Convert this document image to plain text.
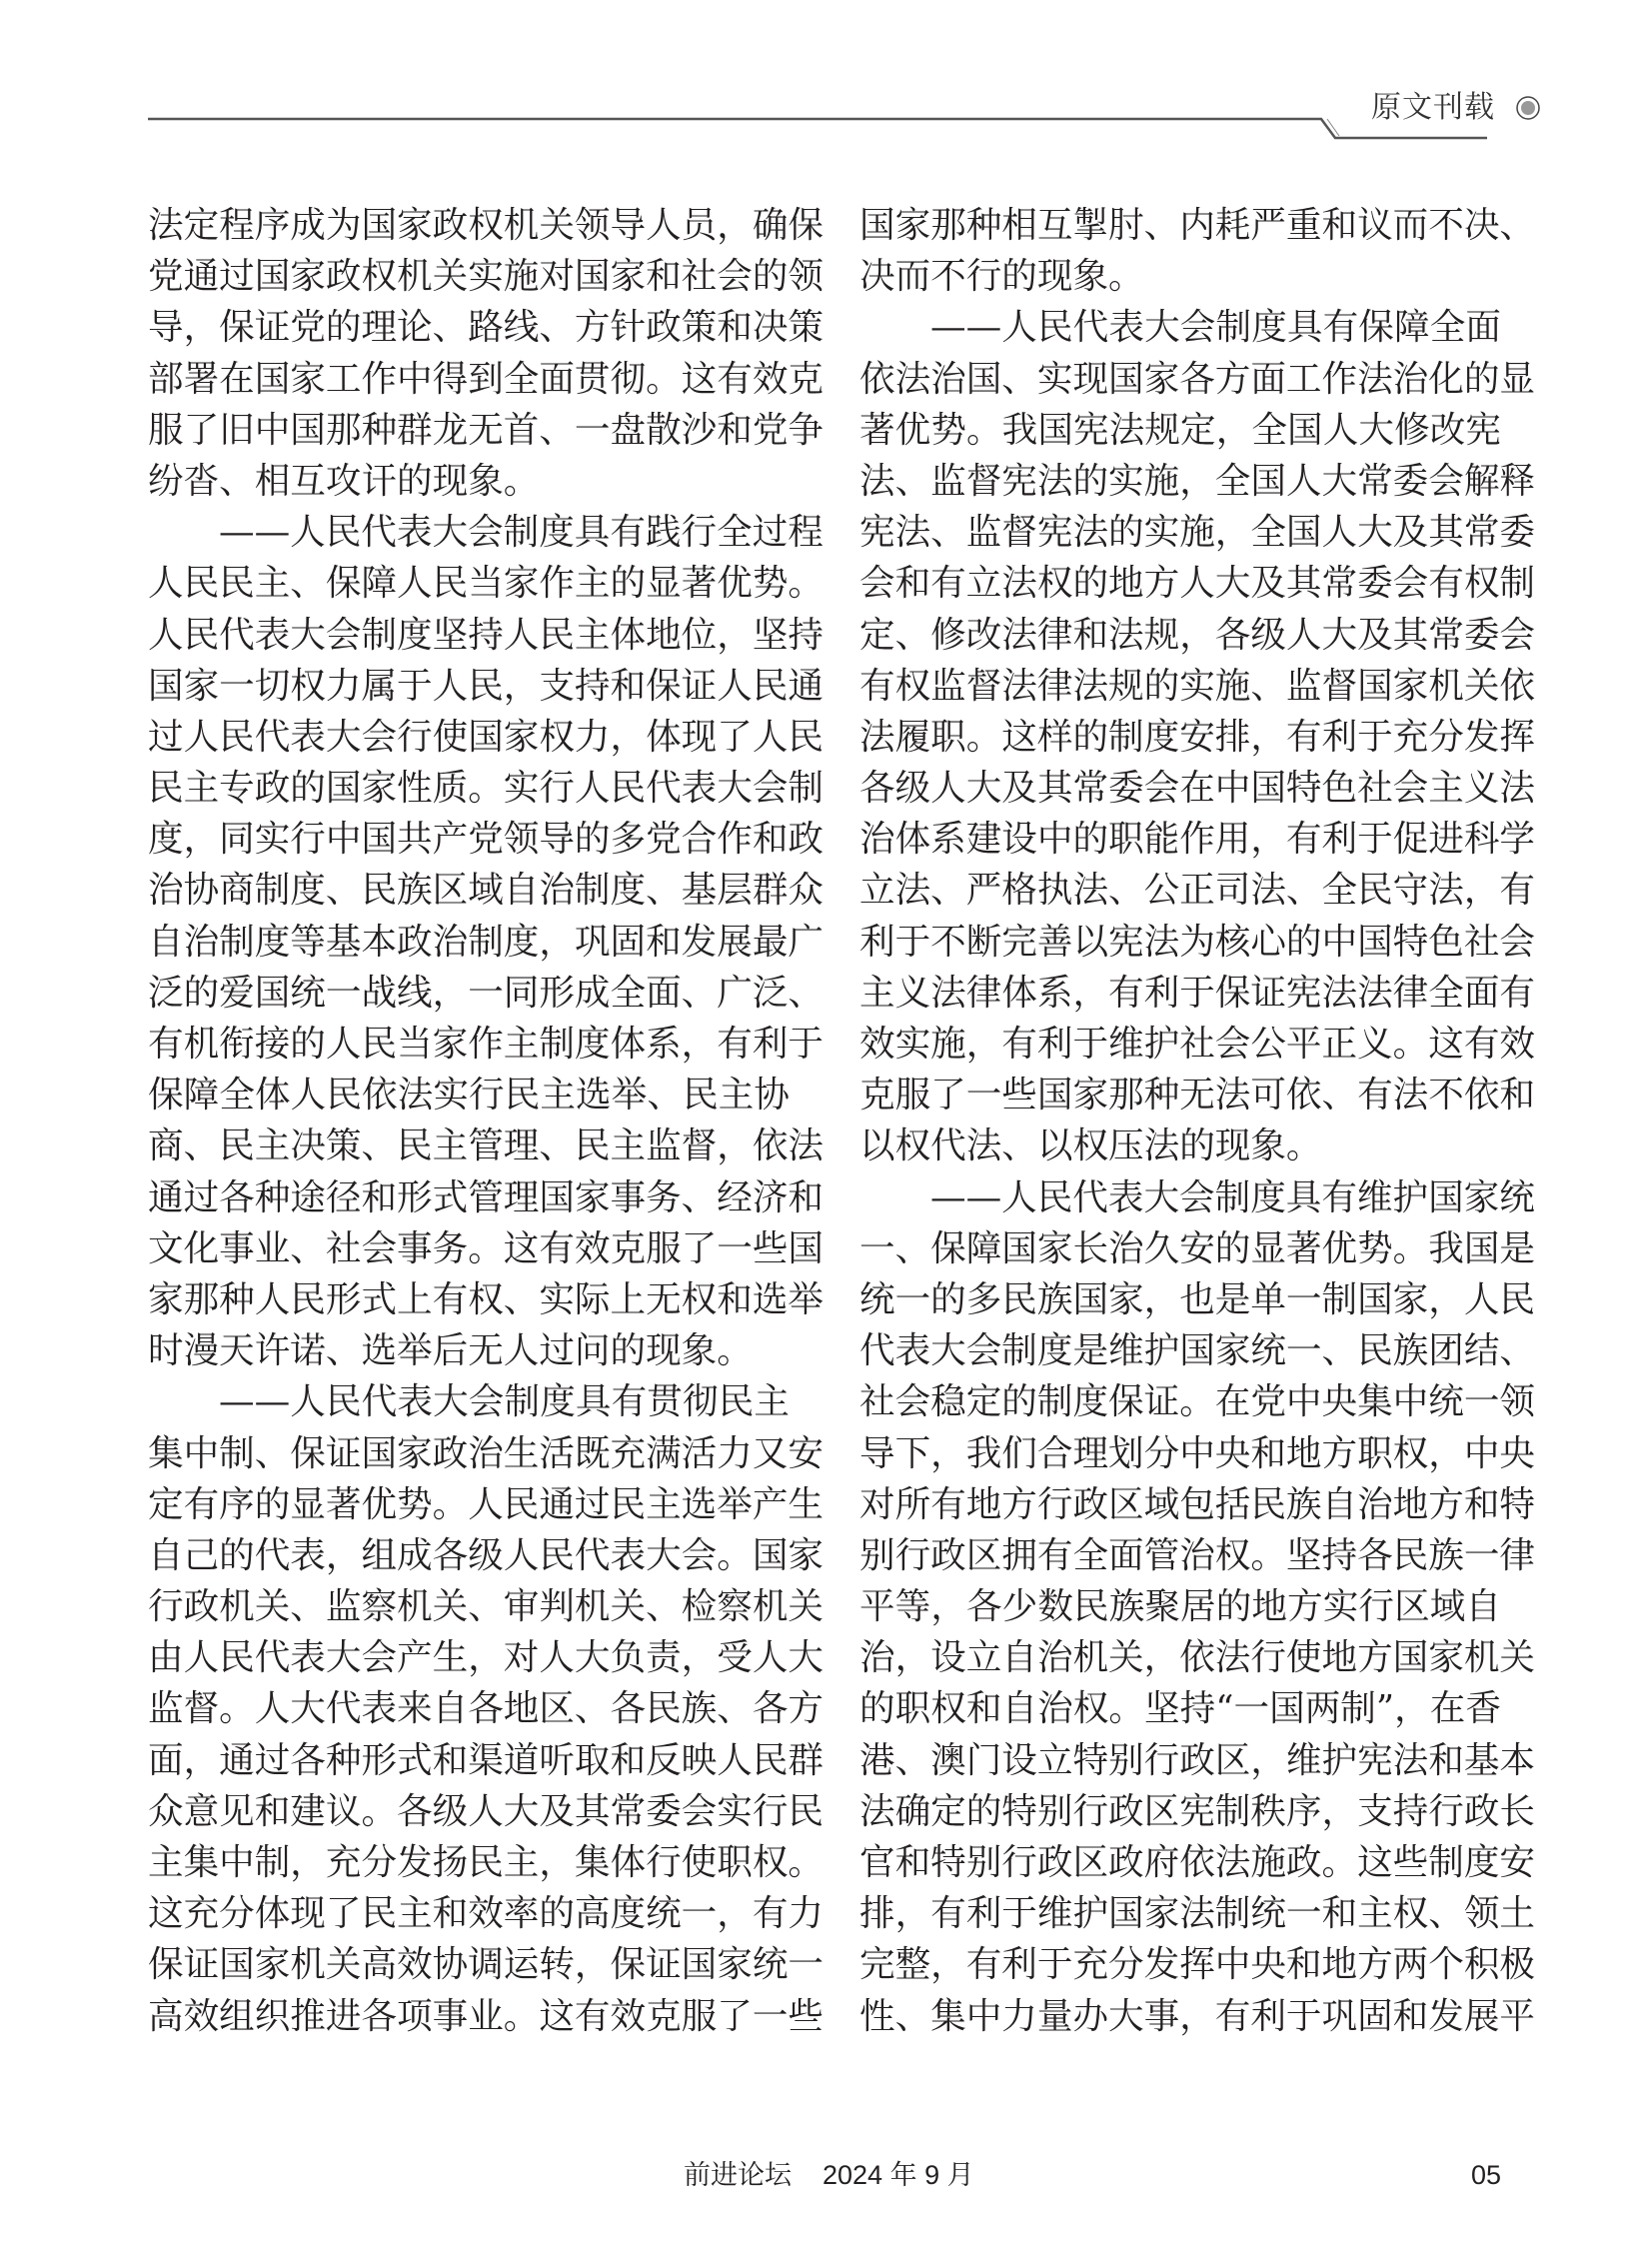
原文刊载
法定程序成为国家政权机关领导人员，确保
党通过国家政权机关实施对国家和社会的领
导，保证党的理论、路线、方针政策和决策
部署在国家工作中得到全面贯彻。这有效克
服了旧中国那种群龙无首、一盘散沙和党争
纷沓、相互攻讦的现象。
——人民代表大会制度具有践行全过程
人民民主、保障人民当家作主的显著优势。
人民代表大会制度坚持人民主体地位，坚持
国家一切权力属于人民，支持和保证人民通
过人民代表大会行使国家权力，体现了人民
民主专政的国家性质。实行人民代表大会制
度，同实行中国共产党领导的多党合作和政
治协商制度、民族区域自治制度、基层群众
自治制度等基本政治制度，巩固和发展最广
泛的爱国统一战线，一同形成全面、广泛、
有机衔接的人民当家作主制度体系，有利于
保障全体人民依法实行民主选举、民主协
商、民主决策、民主管理、民主监督，依法
通过各种途径和形式管理国家事务、经济和
文化事业、社会事务。这有效克服了一些国
家那种人民形式上有权、实际上无权和选举
时漫天许诺、选举后无人过问的现象。
——人民代表大会制度具有贯彻民主
集中制、保证国家政治生活既充满活力又安
定有序的显著优势。人民通过民主选举产生
自己的代表，组成各级人民代表大会。国家
行政机关、监察机关、审判机关、检察机关
由人民代表大会产生，对人大负责，受人大
监督。人大代表来自各地区、各民族、各方
面，通过各种形式和渠道听取和反映人民群
众意见和建议。各级人大及其常委会实行民
主集中制，充分发扬民主，集体行使职权。
这充分体现了民主和效率的高度统一，有力
保证国家机关高效协调运转，保证国家统一
高效组织推进各项事业。这有效克服了一些
国家那种相互掣肘、内耗严重和议而不决、
决而不行的现象。
——人民代表大会制度具有保障全面
依法治国、实现国家各方面工作法治化的显
著优势。我国宪法规定，全国人大修改宪
法、监督宪法的实施，全国人大常委会解释
宪法、监督宪法的实施，全国人大及其常委
会和有立法权的地方人大及其常委会有权制
定、修改法律和法规，各级人大及其常委会
有权监督法律法规的实施、监督国家机关依
法履职。这样的制度安排，有利于充分发挥
各级人大及其常委会在中国特色社会主义法
治体系建设中的职能作用，有利于促进科学
立法、严格执法、公正司法、全民守法，有
利于不断完善以宪法为核心的中国特色社会
主义法律体系，有利于保证宪法法律全面有
效实施，有利于维护社会公平正义。这有效
克服了一些国家那种无法可依、有法不依和
以权代法、以权压法的现象。
——人民代表大会制度具有维护国家统
一、保障国家长治久安的显著优势。我国是
统一的多民族国家，也是单一制国家，人民
代表大会制度是维护国家统一、民族团结、
社会稳定的制度保证。在党中央集中统一领
导下，我们合理划分中央和地方职权，中央
对所有地方行政区域包括民族自治地方和特
别行政区拥有全面管治权。坚持各民族一律
平等，各少数民族聚居的地方实行区域自
治，设立自治机关，依法行使地方国家机关
的职权和自治权。坚持“一国两制”，在香
港、澳门设立特别行政区，维护宪法和基本
法确定的特别行政区宪制秩序，支持行政长
官和特别行政区政府依法施政。这些制度安
排，有利于维护国家法制统一和主权、领土
完整，有利于充分发挥中央和地方两个积极
性、集中力量办大事，有利于巩固和发展平
前进论坛 2024 年 9 月	05
